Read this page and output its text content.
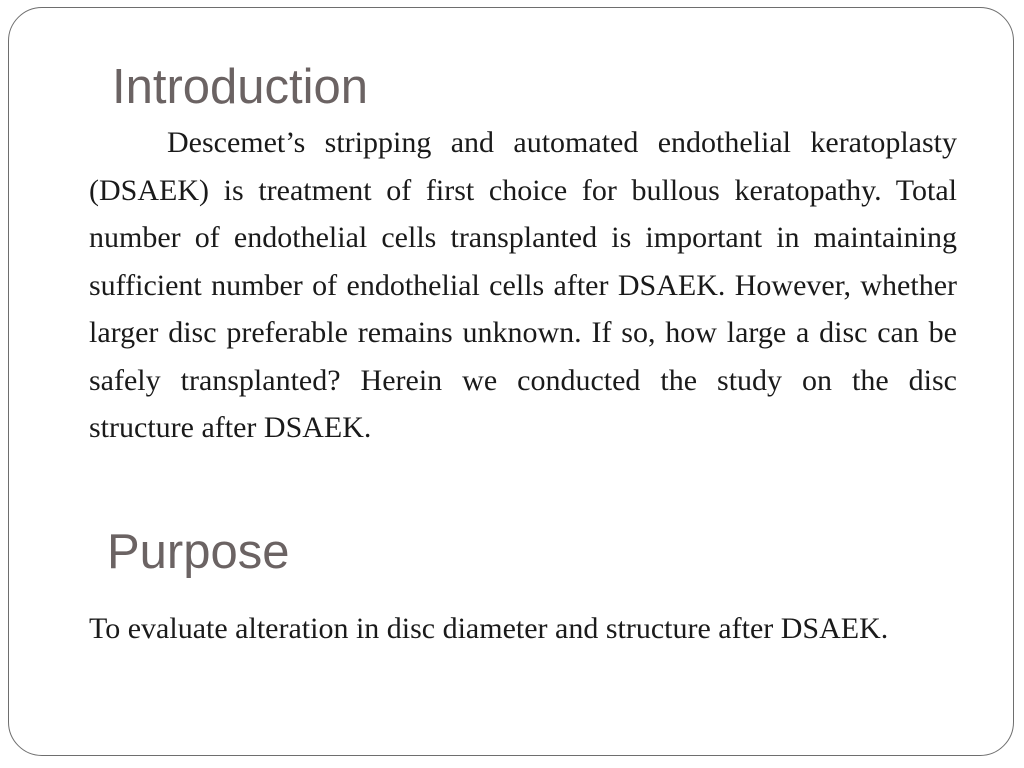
Introduction

Descemet’s stripping and automated endothelial keratoplasty (DSAEK) is treatment of first choice for bullous keratopathy. Total number of endothelial cells transplanted is important in maintaining sufficient number of endothelial cells after DSAEK. However, whether larger disc preferable remains unknown. If so, how large a disc can be safely transplanted? Herein we conducted the study on the disc structure after DSAEK.

Purpose

To evaluate alteration in disc diameter and structure after DSAEK.
